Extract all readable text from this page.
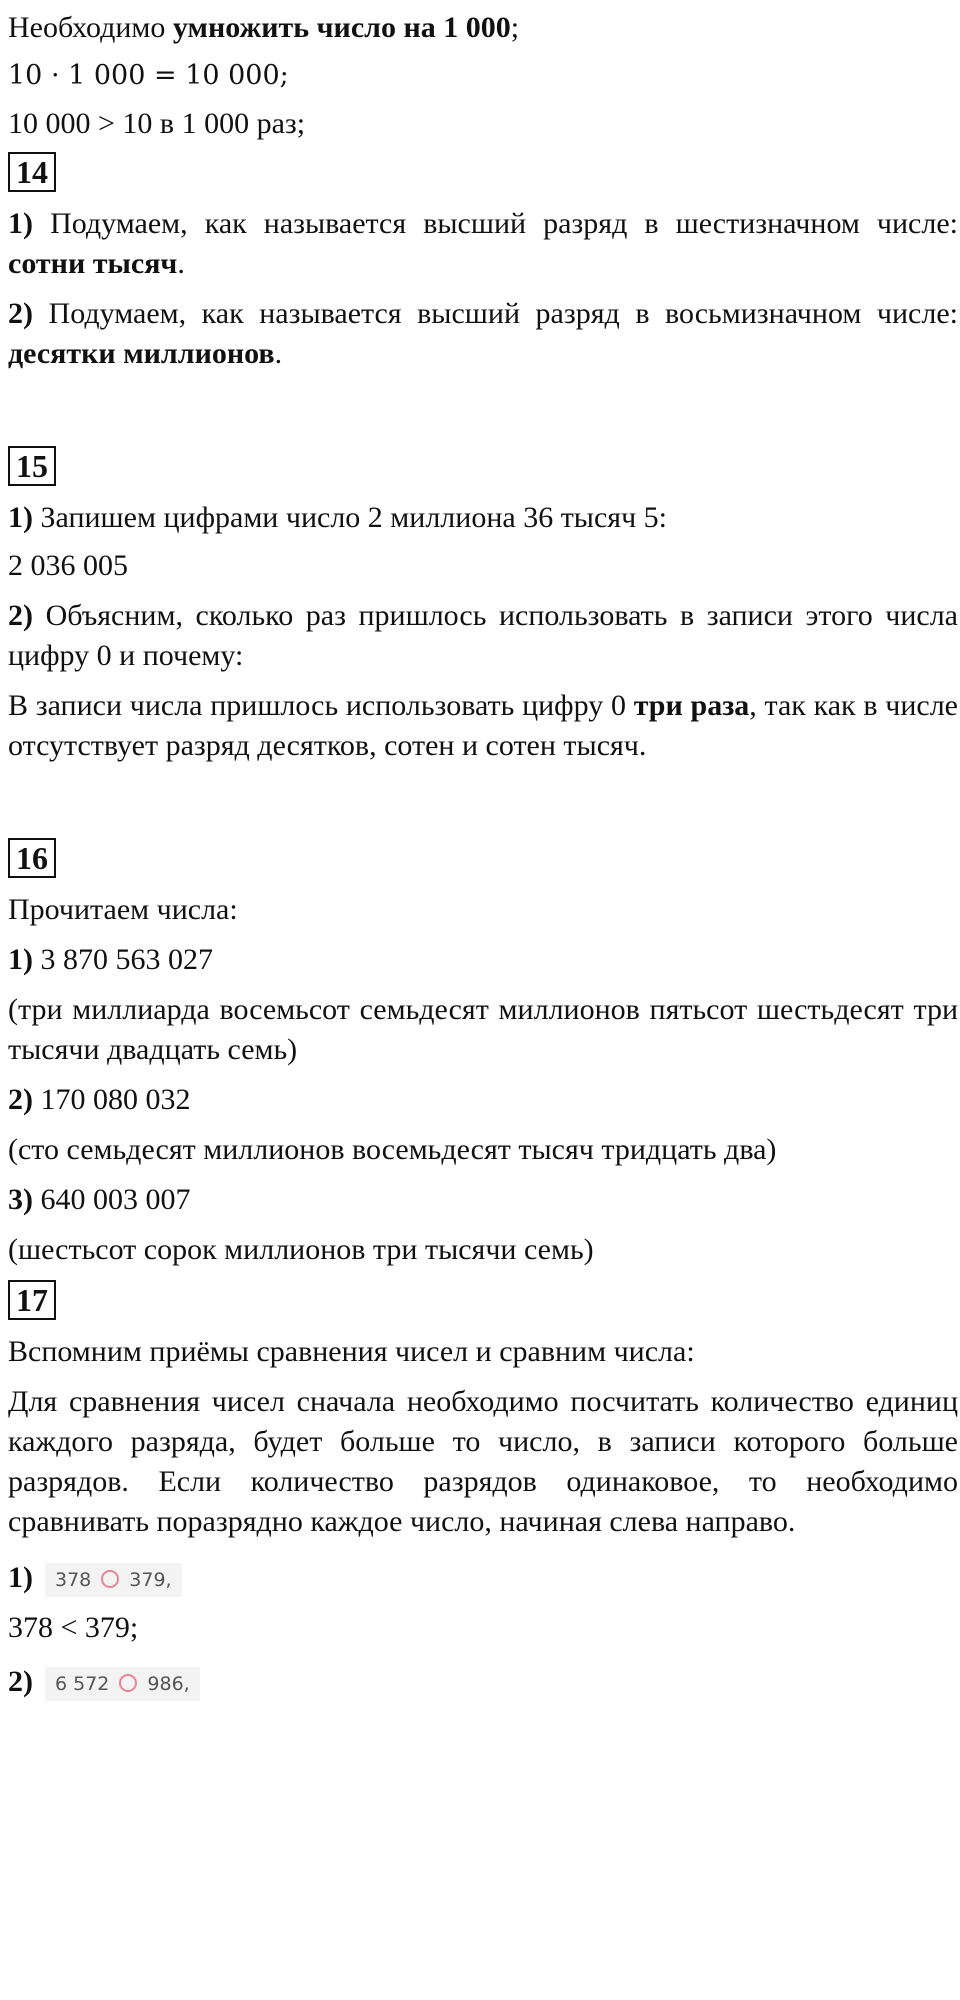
Необходимо умножить число на 1 000;

10 · 1 000 = 10 000;

10 000 > 10 в 1 000 раз;

14

1) Подумаем, как называется высший разряд в шестизначном числе: сотни тысяч.

2) Подумаем, как называется высший разряд в восьмизначном числе: десятки миллионов.

15

1) Запишем цифрами число 2 миллиона 36 тысяч 5:

2 036 005

2) Объясним, сколько раз пришлось использовать в записи этого числа цифру 0 и почему:

В записи числа пришлось использовать цифру 0 три раза, так как в числе отсутствует разряд десятков, сотен и сотен тысяч.

16

Прочитаем числа:

1) 3 870 563 027

(три миллиарда восемьсот семьдесят миллионов пятьсот шестьдесят три тысячи двадцать семь)

2) 170 080 032

(сто семьдесят миллионов восемьдесят тысяч тридцать два)

3) 640 003 007

(шестьсот сорок миллионов три тысячи семь)

17

Вспомним приёмы сравнения чисел и сравним числа:

Для сравнения чисел сначала необходимо посчитать количество единиц каждого разряда, будет больше то число, в записи которого больше разрядов. Если количество разрядов одинаковое, то необходимо сравнивать поразрядно каждое число, начиная слева направо.

1) 378 379,

378 < 379;

2) 6 572 986,
